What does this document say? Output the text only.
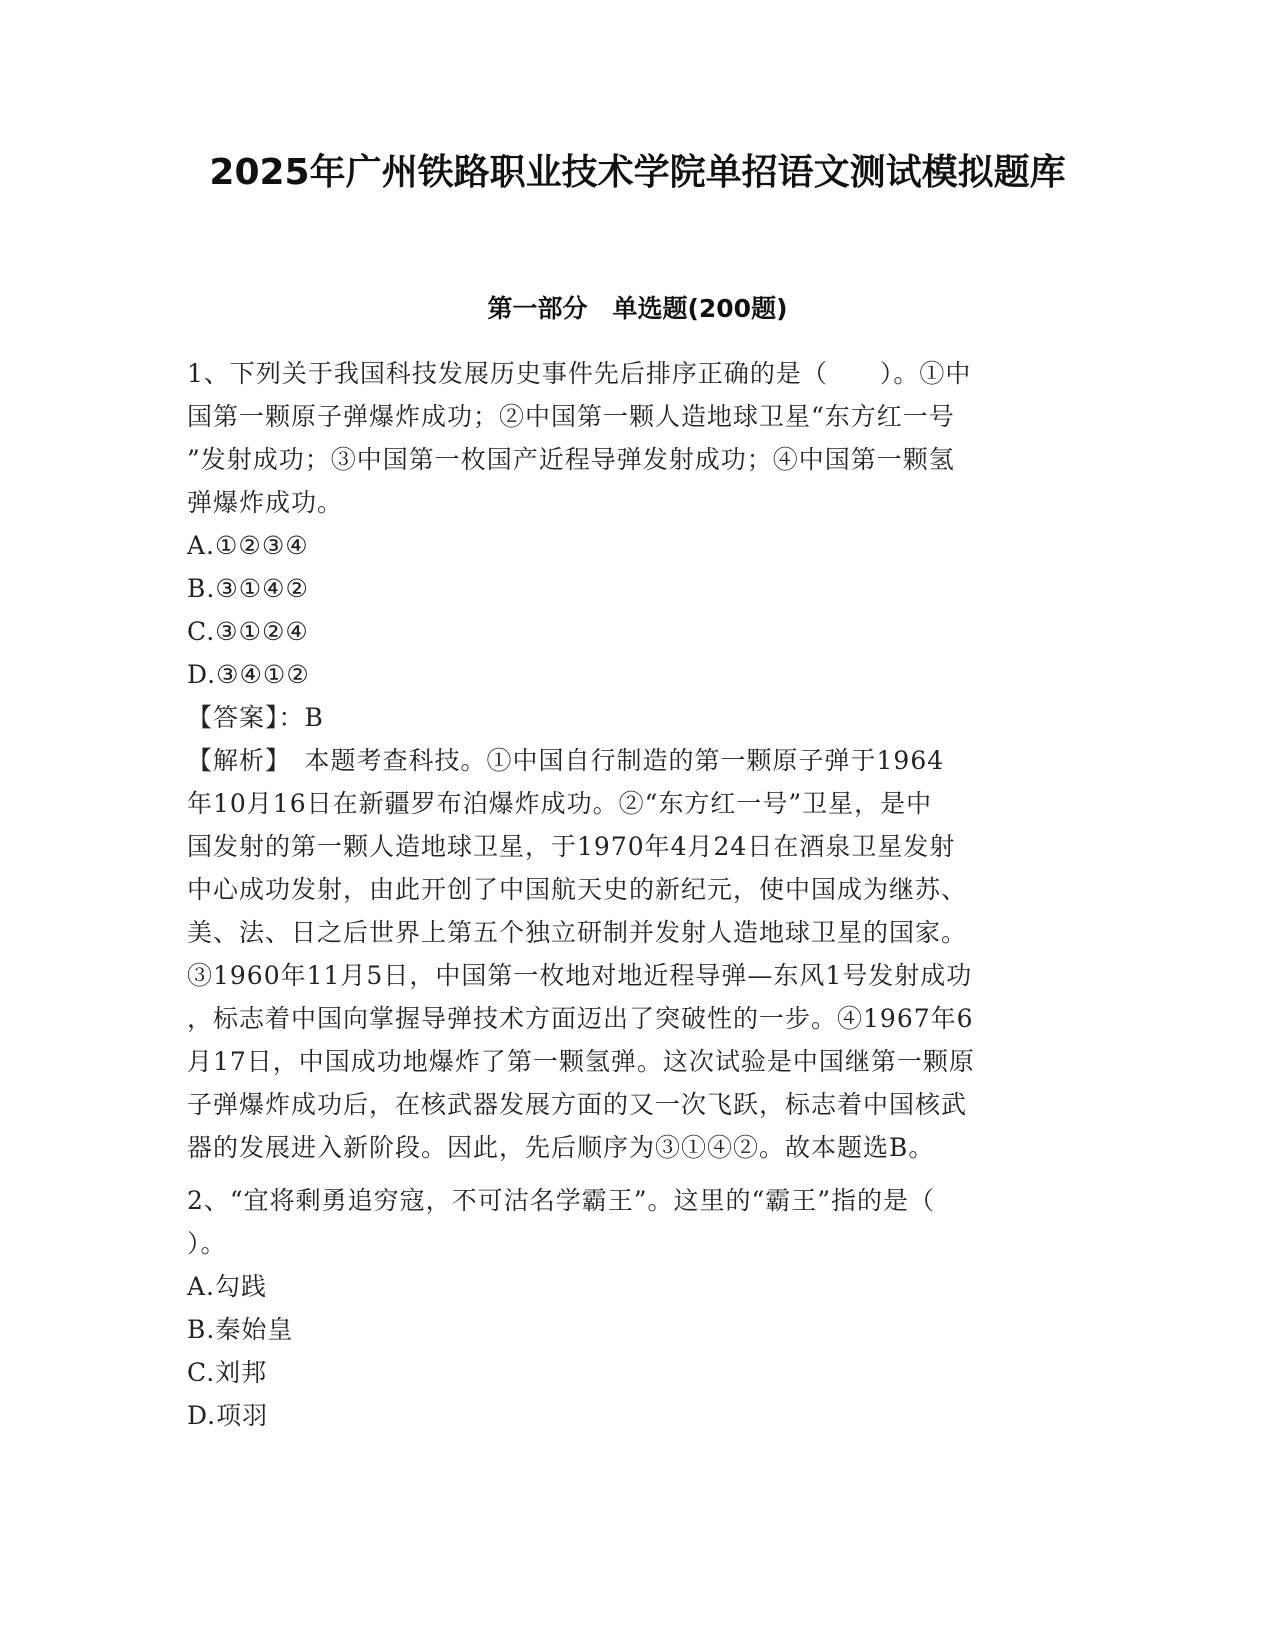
2025年广州铁路职业技术学院单招语文测试模拟题库
第一部分　单选题(200题)
1、下列关于我国科技发展历史事件先后排序正确的是（　　）。①中
国第一颗原子弹爆炸成功；②中国第一颗人造地球卫星“东方红一号
”发射成功；③中国第一枚国产近程导弹发射成功；④中国第一颗氢
弹爆炸成功。
A.①②③④
B.③①④②
C.③①②④
D.③④①②
【答案】：B
【解析】　本题考查科技。①中国自行制造的第一颗原子弹于1964
年10月16日在新疆罗布泊爆炸成功。②“东方红一号”卫星，是中
国发射的第一颗人造地球卫星，于1970年4月24日在酒泉卫星发射
中心成功发射，由此开创了中国航天史的新纪元，使中国成为继苏、
美、法、日之后世界上第五个独立研制并发射人造地球卫星的国家。
③1960年11月5日，中国第一枚地对地近程导弹—东风1号发射成功
，标志着中国向掌握导弹技术方面迈出了突破性的一步。④1967年6
月17日，中国成功地爆炸了第一颗氢弹。这次试验是中国继第一颗原
子弹爆炸成功后，在核武器发展方面的又一次飞跃，标志着中国核武
器的发展进入新阶段。因此，先后顺序为③①④②。故本题选B。
2、“宜将剩勇追穷寇，不可沽名学霸王”。这里的“霸王”指的是（
）。
A.勾践
B.秦始皇
C.刘邦
D.项羽
